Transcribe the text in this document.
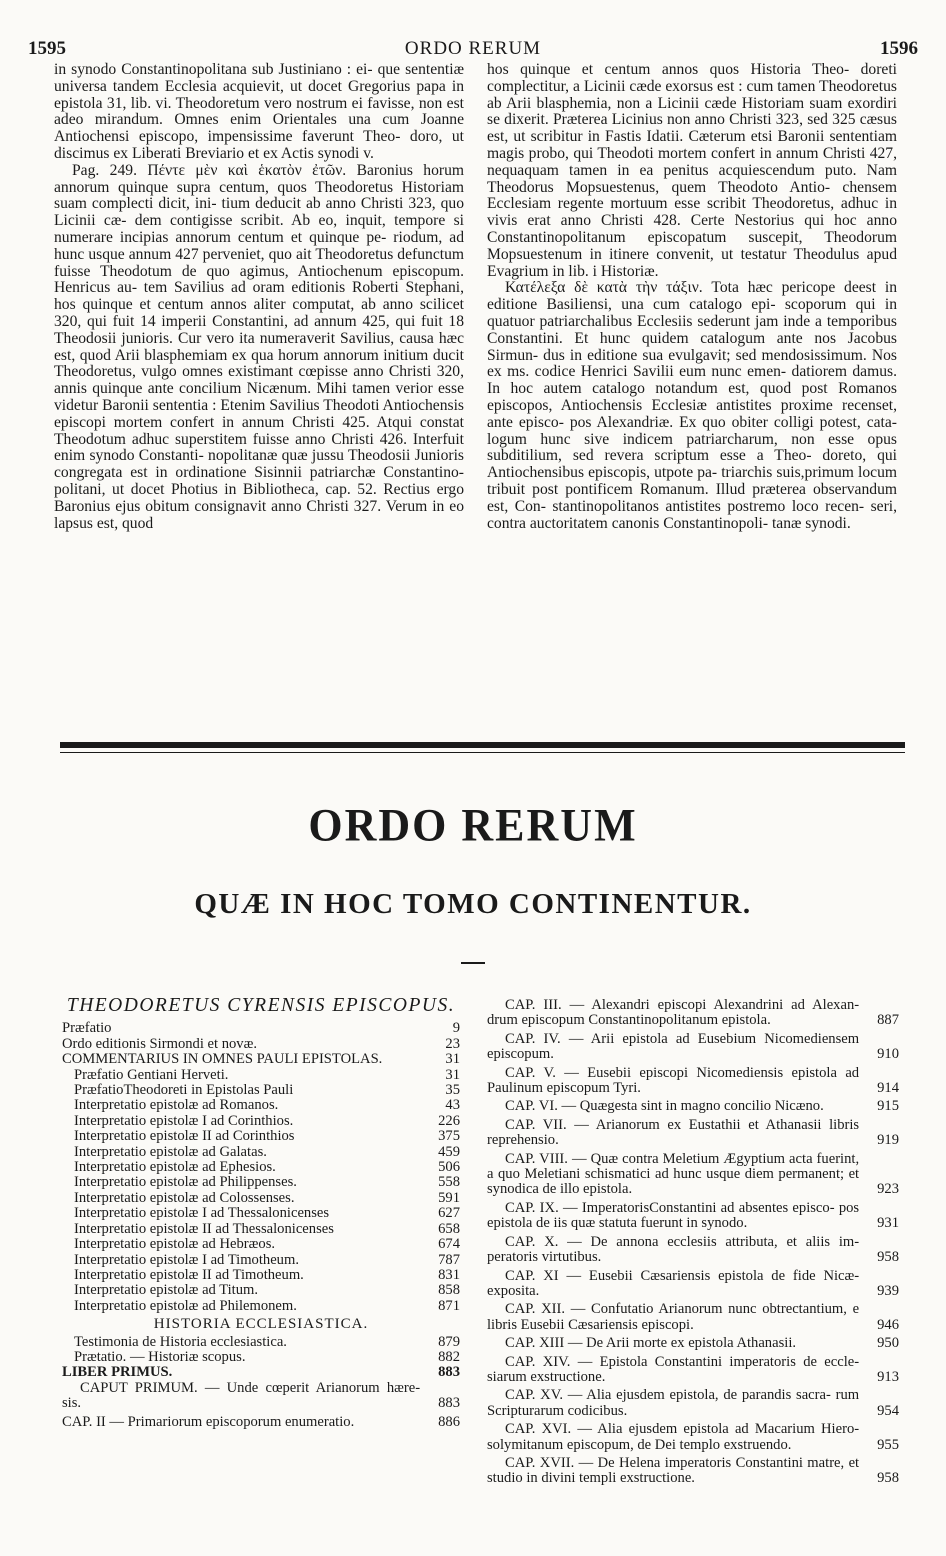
1595	ORDO RERUM	1596

in synodo Constantinopolitana sub Justiniano : ei- que sententiæ universa tandem Ecclesia acquievit, ut docet Gregorius papa in epistola 31, lib. vi. Theodoretum vero nostrum ei favisse, non est adeo mirandum. Omnes enim Orientales una cum Joanne Antiochensi episcopo, impensissime faverunt Theo- doro, ut discimus ex Liberati Breviario et ex Actis synodi v.

Pag. 249. Πέντε μὲν καὶ ἑκατὸν ἐτῶν. Baronius horum annorum quinque supra centum, quos Theodoretus Historiam suam complecti dicit, ini- tium deducit ab anno Christi 323, quo Licinii cæ- dem contigisse scribit. Ab eo, inquit, tempore si numerare incipias annorum centum et quinque pe- riodum, ad hunc usque annum 427 perveniet, quo ait Theodoretus defunctum fuisse Theodotum de quo agimus, Antiochenum episcopum. Henricus au- tem Savilius ad oram editionis Roberti Stephani, hos quinque et centum annos aliter computat, ab anno scilicet 320, qui fuit 14 imperii Constantini, ad annum 425, qui fuit 18 Theodosii junioris. Cur vero ita numeraverit Savilius, causa hæc est, quod Arii blasphemiam ex qua horum annorum initium ducit Theodoretus, vulgo omnes existimant cœpisse anno Christi 320, annis quinque ante concilium Nicænum. Mihi tamen verior esse videtur Baronii sententia : Etenim Savilius Theodoti Antiochensis episcopi mortem confert in annum Christi 425. Atqui constat Theodotum adhuc superstitem fuisse anno Christi 426. Interfuit enim synodo Constanti- nopolitanæ quæ jussu Theodosii Junioris congregata est in ordinatione Sisinnii patriarchæ Constantino- politani, ut docet Photius in Bibliotheca, cap. 52. Rectius ergo Baronius ejus obitum consignavit anno Christi 327. Verum in eo lapsus est, quod

hos quinque et centum annos quos Historia Theo- doreti complectitur, a Licinii cæde exorsus est : cum tamen Theodoretus ab Arii blasphemia, non a Licinii cæde Historiam suam exordiri se dixerit. Præterea Licinius non anno Christi 323, sed 325 cæsus est, ut scribitur in Fastis Idatii. Cæterum etsi Baronii sententiam magis probo, qui Theodoti mortem confert in annum Christi 427, nequaquam tamen in ea penitus acquiescendum puto. Nam Theodorus Mopsuestenus, quem Theodoto Antio- chensem Ecclesiam regente mortuum esse scribit Theodoretus, adhuc in vivis erat anno Christi 428. Certe Nestorius qui hoc anno Constantinopolitanum episcopatum suscepit, Theodorum Mopsuestenum in itinere convenit, ut testatur Theodulus apud Evagrium in lib. i Historiæ.

Κατέλεξα δὲ κατὰ τὴν τάξιν. Tota hæc pericope deest in editione Basiliensi, una cum catalogo epi- scoporum qui in quatuor patriarchalibus Ecclesiis sederunt jam inde a temporibus Constantini. Et hunc quidem catalogum ante nos Jacobus Sirmun- dus in editione sua evulgavit; sed mendosissimum. Nos ex ms. codice Henrici Savilii eum nunc emen- datiorem damus. In hoc autem catalogo notandum est, quod post Romanos episcopos, Antiochensis Ecclesiæ antistites proxime recenset, ante episco- pos Alexandriæ. Ex quo obiter colligi potest, cata- logum hunc sive indicem patriarcharum, non esse opus subditilium, sed revera scriptum esse a Theo- doreto, qui Antiochensibus episcopis, utpote pa- triarchis suis,primum locum tribuit post pontificem Romanum. Illud præterea observandum est, Con- stantinopolitanos antistites postremo loco recen- seri, contra auctoritatem canonis Constantinopoli- tanæ synodi.

ORDO RERUM
QUÆ IN HOC TOMO CONTINENTUR.
THEODORETUS CYRENSIS EPISCOPUS.
Præfatio	9
Ordo editionis Sirmondi et novæ.	23
COMMENTARIUS IN OMNES PAULI EPISTOLAS.	31
Præfatio Gentiani Herveti.	31
PræfatioTheodoreti in Epistolas Pauli	35
Interpretatio epistolæ ad Romanos.	43
Interpretatio epistolæ I ad Corinthios.	226
Interpretatio epistolæ II ad Corinthios	375
Interpretatio epistolæ ad Galatas.	459
Interpretatio epistolæ ad Ephesios.	506
Interpretatio epistolæ ad Philippenses.	558
Interpretatio epistolæ ad Colossenses.	591
Interpretatio epistolæ I ad Thessalonicenses	627
Interpretatio epistolæ II ad Thessalonicenses	658
Interpretatio epistolæ ad Hebræos.	674
Interpretatio epistolæ I ad Timotheum.	787
Interpretatio epistolæ II ad Timotheum.	831
Interpretatio epistolæ ad Titum.	858
Interpretatio epistolæ ad Philemonem.	871
HISTORIA ECCLESIASTICA.
Testimonia de Historia ecclesiastica.	879
Prætatio. — Historiæ scopus.	882
LIBER PRIMUS.	883
CAPUT PRIMUM. — Unde cœperit Arianorum hære- sis.	883
CAP. II — Primariorum episcoporum enumeratio.	886
CAP. III. — Alexandri episcopi Alexandrini ad Alexan- drum episcopum Constantinopolitanum epistola.	887
CAP. IV. — Arii epistola ad Eusebium Nicomediensem episcopum.	910
CAP. V. — Eusebii episcopi Nicomediensis epistola ad Paulinum episcopum Tyri.	914
CAP. VI. — Quægesta sint in magno concilio Nicæno.	915
CAP. VII. — Arianorum ex Eustathii et Athanasii libris reprehensio.	919
CAP. VIII. — Quæ contra Meletium Ægyptium acta fuerint, a quo Meletiani schismatici ad hunc usque diem permanent; et synodica de illo epistola.	923
CAP. IX. — ImperatorisConstantini ad absentes episco- pos epistola de iis quæ statuta fuerunt in synodo.	931
CAP. X. — De annona ecclesiis attributa, et aliis im- peratoris virtutibus.	958
CAP. XI — Eusebii Cæsariensis epistola de fide Nicæ- exposita.	939
CAP. XII. — Confutatio Arianorum nunc obtrectantium, e libris Eusebii Cæsariensis episcopi.	946
CAP. XIII — De Arii morte ex epistola Athanasii.	950
CAP. XIV. — Epistola Constantini imperatoris de eccle- siarum exstructione.	913
CAP. XV. — Alia ejusdem epistola, de parandis sacra- rum Scripturarum codicibus.	954
CAP. XVI. — Alia ejusdem epistola ad Macarium Hiero- solymitanum episcopum, de Dei templo exstruendo.	955
CAP. XVII. — De Helena imperatoris Constantini matre, et studio in divini templi exstructione.	958
